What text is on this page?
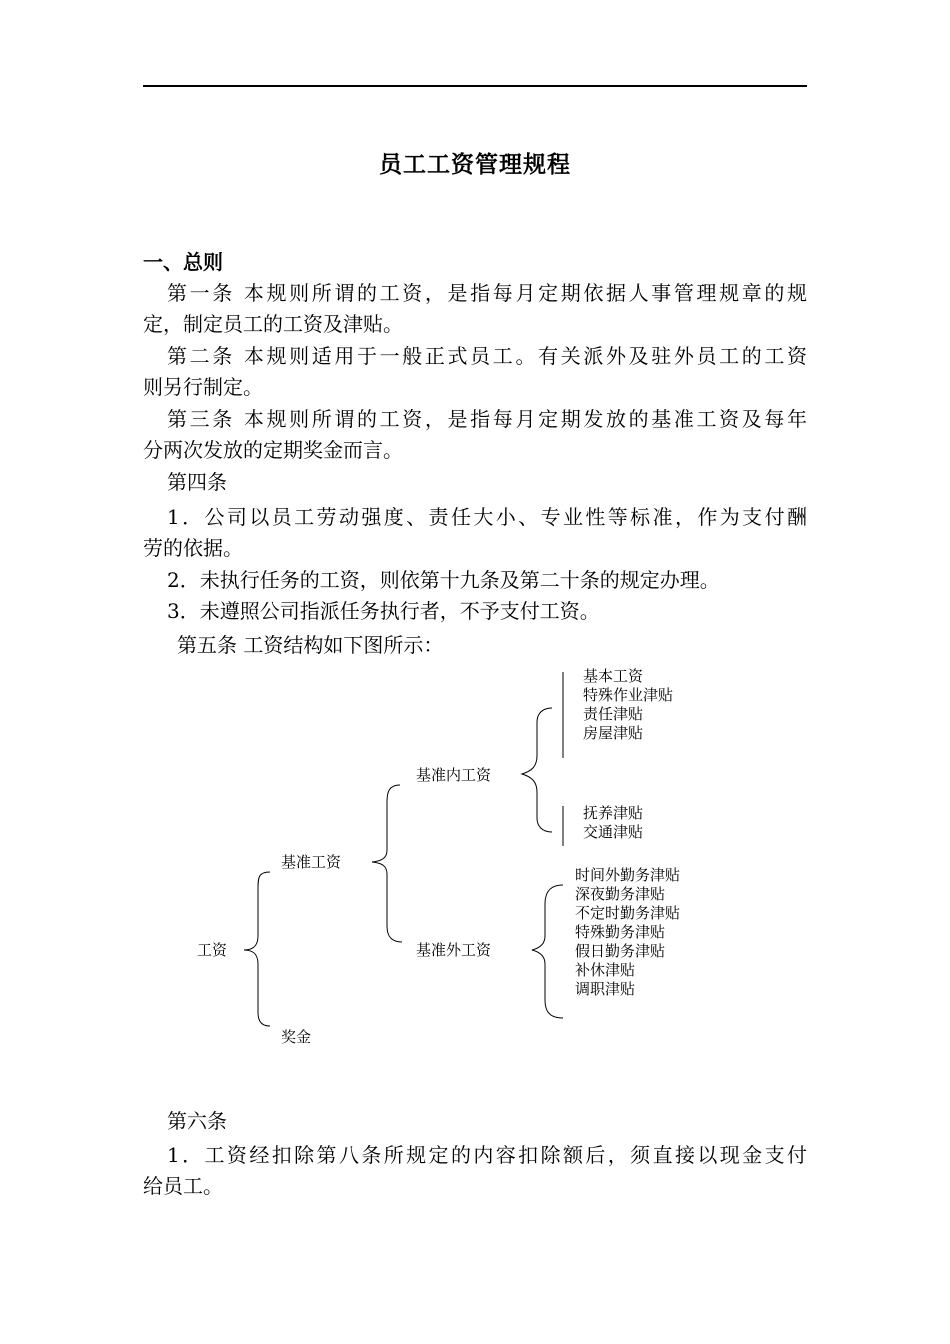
员工工资管理规程
一、总则
第一条 本规则所谓的工资，是指每月定期依据人事管理规章的规
定，制定员工的工资及津贴。
第二条 本规则适用于一般正式员工。有关派外及驻外员工的工资
则另行制定。
第三条 本规则所谓的工资，是指每月定期发放的基准工资及每年
分两次发放的定期奖金而言。
第四条
1．公司以员工劳动强度、责任大小、专业性等标准，作为支付酬
劳的依据。
2．未执行任务的工资，则依第十九条及第二十条的规定办理。
3．未遵照公司指派任务执行者，不予支付工资。
第五条 工资结构如下图所示：
工资
基准工资
奖金
基准内工资
基准外工资
基本工资
特殊作业津贴
责任津贴
房屋津贴
抚养津贴
交通津贴
时间外勤务津贴
深夜勤务津贴
不定时勤务津贴
特殊勤务津贴
假日勤务津贴
补休津贴
调职津贴
第六条
1．工资经扣除第八条所规定的内容扣除额后，须直接以现金支付
给员工。
